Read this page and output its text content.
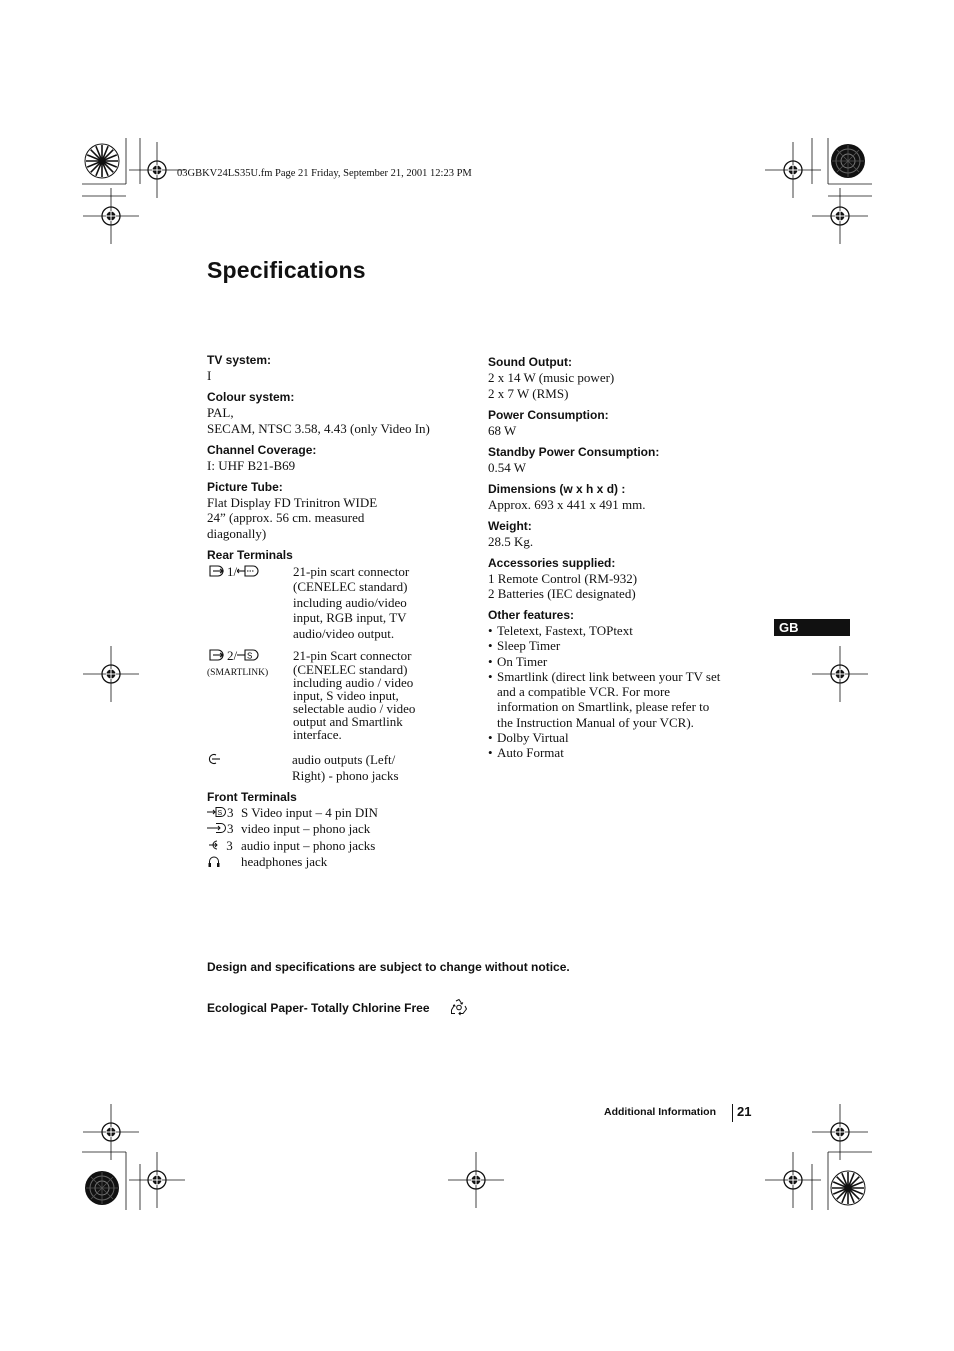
03GBKV24LS35U.fm Page 21 Friday, September 21, 2001 12:23 PM
Specifications
TV system:
I
Colour system:
PAL,
SECAM, NTSC 3.58, 4.43 (only Video In)
Channel Coverage:
I: UHF B21-B69
Picture Tube:
Flat Display FD Trinitron WIDE
24” (approx. 56 cm. measured
diagonally)
Rear Terminals
1/	21-pin scart connector
(CENELEC standard)
including audio/video
input, RGB input, TV
audio/video output.
2/ S
(SMARTLINK)
21-pin Scart connector
(CENELEC standard)
including audio / video
input, S video input,
selectable audio / video
output and Smartlink
interface.
audio outputs (Left/
Right) - phono jacks
Front Terminals
S 3 S Video input – 4 pin DIN
3 video input – phono jack
3 audio input – phono jacks
headphones jack
Sound Output:
2 x 14 W (music power)
2 x 7 W (RMS)
Power Consumption:
68 W
Standby Power Consumption:
0.54 W
Dimensions (w x h x d) :
Approx. 693 x 441 x 491 mm.
Weight:
28.5 Kg.
Accessories supplied:
1 Remote Control (RM-932)
2 Batteries (IEC designated)
Other features:
• Teletext, Fastext, TOPtext
• Sleep Timer
• On Timer
• Smartlink (direct link between your TV set
and a compatible VCR. For more
information on Smartlink, please refer to
the Instruction Manual of your VCR).
• Dolby Virtual
• Auto Format
GB
Design and specifications are subject to change without notice.
Ecological Paper- Totally Chlorine Free
Additional Information 21
